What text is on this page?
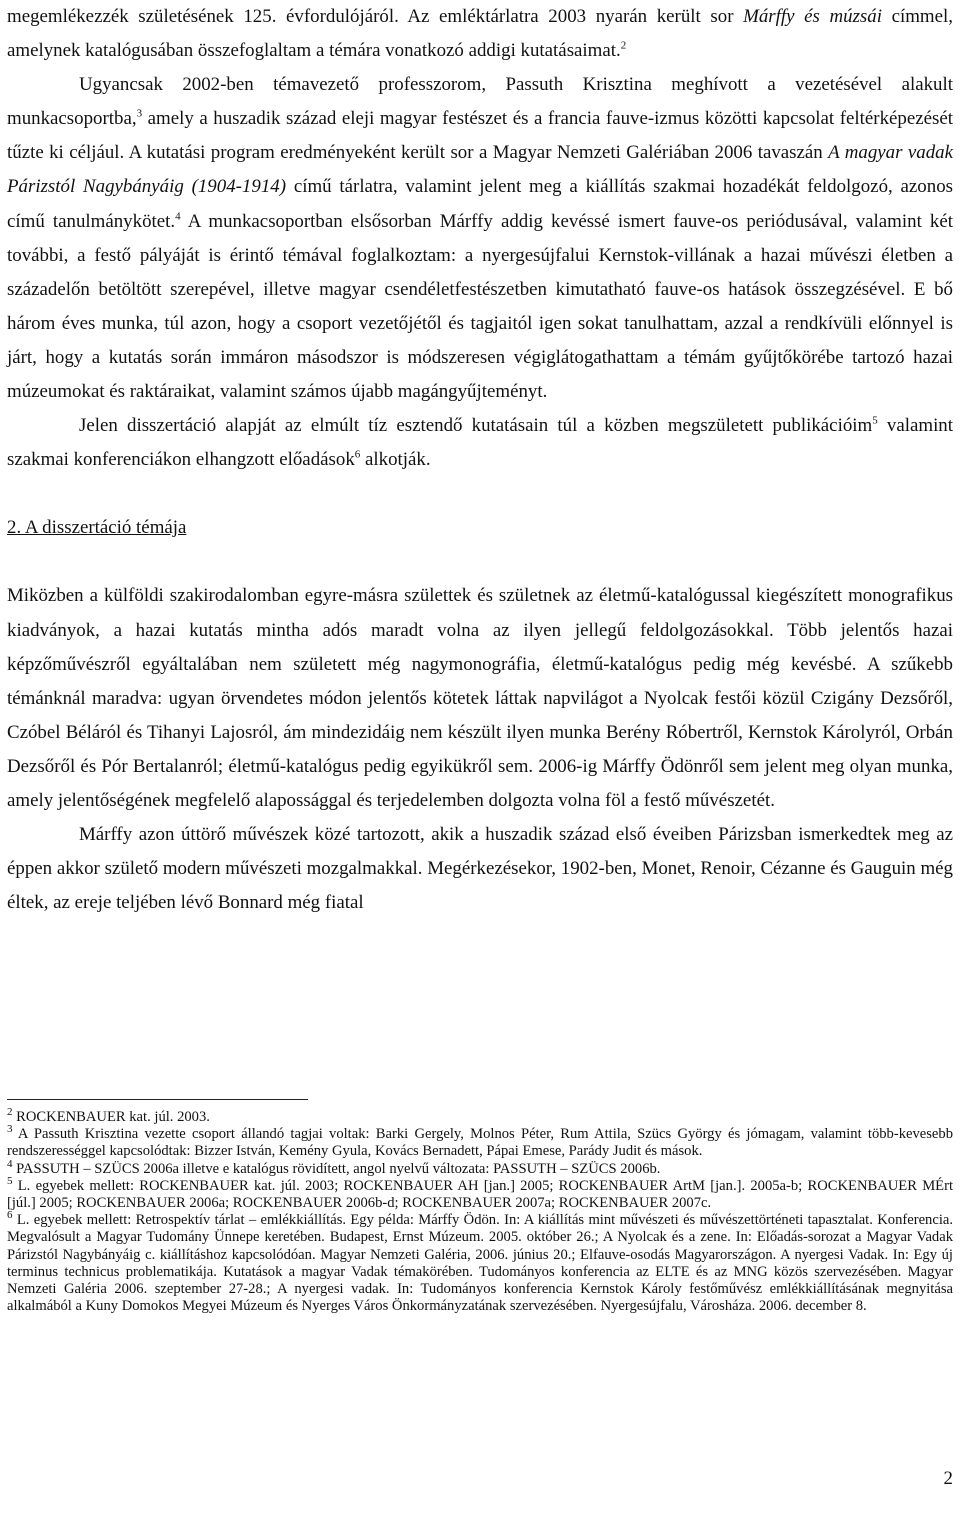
megemlékezzék születésének 125. évfordulójáról. Az emléktárlatra 2003 nyarán került sor Márffy és múzsái címmel, amelynek katalógusában összefoglaltam a témára vonatkozó addigi kutatásaimat.$^2$

Ugyancsak 2002-ben témavezető professzorom, Passuth Krisztina meghívott a vezetésével alakult munkacsoportba,$^3$ amely a huszadik század eleji magyar festészet és a francia fauve-izmus közötti kapcsolat feltérképezését tűzte ki céljául. A kutatási program eredményeként került sor a Magyar Nemzeti Galériában 2006 tavaszán A magyar vadak Párizstól Nagybányáig (1904-1914) című tárlatra, valamint jelent meg a kiállítás szakmai hozadékát feldolgozó, azonos című tanulmánykötet.$^4$ A munkacsoportban elsősorban Márffy addig kevéssé ismert fauve-os periódusával, valamint két további, a festő pályáját is érintő témával foglalkoztam: a nyergesújfalui Kernstok-villának a hazai művészi életben a századelőn betöltött szerepével, illetve magyar csendéletfestészetben kimutatható fauve-os hatások összegzésével. E bő három éves munka, túl azon, hogy a csoport vezetőjétől és tagjaitól igen sokat tanulhattam, azzal a rendkívüli előnnyel is járt, hogy a kutatás során immáron másodszor is módszeresen végiglátogathattam a témám gyűjtőkörébe tartozó hazai múzeumokat és raktáraikat, valamint számos újabb magángyűjteményt.

Jelen disszertáció alapját az elmúlt tíz esztendő kutatásain túl a közben megszületett publikációim$^5$ valamint szakmai konferenciákon elhangzott előadások$^6$ alkotják.

2. A disszertáció témája

Miközben a külföldi szakirodalomban egyre-másra születtek és születnek az életmű-katalógussal kiegészített monografikus kiadványok, a hazai kutatás mintha adós maradt volna az ilyen jellegű feldolgozásokkal. Több jelentős hazai képzőművészről egyáltalában nem született még nagymonográfia, életmű-katalógus pedig még kevésbé. A szűkebb témánknál maradva: ugyan örvendetes módon jelentős kötetek láttak napvilágot a Nyolcak festői közül Czigány Dezsőről, Czóbel Béláról és Tihanyi Lajosról, ám mindezidáig nem készült ilyen munka Berény Róbertről, Kernstok Károlyról, Orbán Dezsőről és Pór Bertalanról; életmű-katalógus pedig egyikükről sem. 2006-ig Márffy Ödönről sem jelent meg olyan munka, amely jelentőségének megfelelő alapossággal és terjedelemben dolgozta volna föl a festő művészetét.

Márffy azon úttörő művészek közé tartozott, akik a huszadik század első éveiben Párizsban ismerkedtek meg az éppen akkor születő modern művészeti mozgalmakkal. Megérkezésekor, 1902-ben, Monet, Renoir, Cézanne és Gauguin még éltek, az ereje teljében lévő Bonnard még fiatal

$^2$ ROCKENBAUER kat. júl. 2003.

$^3$ A Passuth Krisztina vezette csoport állandó tagjai voltak: Barki Gergely, Molnos Péter, Rum Attila, Szücs György és jómagam, valamint több-kevesebb rendszerességgel kapcsolódtak: Bizzer István, Kemény Gyula, Kovács Bernadett, Pápai Emese, Parády Judit és mások.

$^4$ PASSUTH – SZÜCS 2006a illetve e katalógus rövidített, angol nyelvű változata: PASSUTH – SZÜCS 2006b.

$^5$ L. egyebek mellett: ROCKENBAUER kat. júl. 2003; ROCKENBAUER AH [jan.] 2005; ROCKENBAUER ArtM [jan.]. 2005a-b; ROCKENBAUER MÉrt [júl.] 2005; ROCKENBAUER 2006a; ROCKENBAUER 2006b-d; ROCKENBAUER 2007a; ROCKENBAUER 2007c.

$^6$ L. egyebek mellett: Retrospektív tárlat – emlékkiállítás. Egy példa: Márffy Ödön. In: A kiállítás mint művészeti és művészettörténeti tapasztalat. Konferencia. Megvalósult a Magyar Tudomány Ünnepe keretében. Budapest, Ernst Múzeum. 2005. október 26.; A Nyolcak és a zene. In: Előadás-sorozat a Magyar Vadak Párizstól Nagybányáig c. kiállításhoz kapcsolódóan. Magyar Nemzeti Galéria, 2006. június 20.; Elfauve-osodás Magyarországon. A nyergesi Vadak. In: Egy új terminus technicus problematikája. Kutatások a magyar Vadak témakörében. Tudományos konferencia az ELTE és az MNG közös szervezésében. Magyar Nemzeti Galéria 2006. szeptember 27-28.; A nyergesi vadak. In: Tudományos konferencia Kernstok Károly festőművész emlékkiállításának megnyitása alkalmából a Kuny Domokos Megyei Múzeum és Nyerges Város Önkormányzatának szervezésében. Nyergesújfalu, Városháza. 2006. december 8.

2
